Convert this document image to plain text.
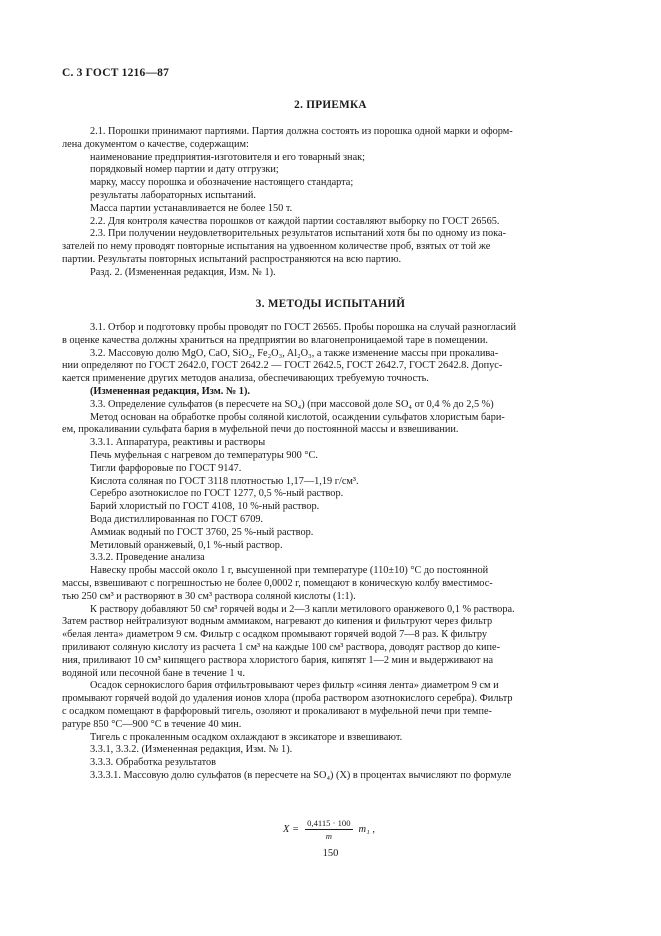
С. 3 ГОСТ 1216—87
2. ПРИЕМКА

2.1. Порошки принимают партиями. Партия должна состоять из порошка одной марки и оформ-

лена документом о качестве, содержащим:

наименование предприятия-изготовителя и его товарный знак;

порядковый номер партии и дату отгрузки;

марку, массу порошка и обозначение настоящего стандарта;

результаты лабораторных испытаний.

Масса партии устанавливается не более 150 т.

2.2. Для контроля качества порошков от каждой партии составляют выборку по ГОСТ 26565.

2.3. При получении неудовлетворительных результатов испытаний хотя бы по одному из пока-

зателей по нему проводят повторные испытания на удвоенном количестве проб, взятых от той же

партии. Результаты повторных испытаний распространяются на всю партию.

Разд. 2. (Измененная редакция, Изм. № 1).

3. МЕТОДЫ ИСПЫТАНИЙ

3.1. Отбор и подготовку пробы проводят по ГОСТ 26565. Пробы порошка на случай разногласий

в оценке качества должны храниться на предприятии во влагонепроницаемой таре в помещении.

3.2. Массовую долю MgO, CaO, SiO₂, Fe₂O₃, Al₂O₃, а также изменение массы при прокалива-

нии определяют по ГОСТ 2642.0, ГОСТ 2642.2 — ГОСТ 2642.5, ГОСТ 2642.7, ГОСТ 2642.8. Допус-

кается применение других методов анализа, обеспечивающих требуемую точность.

(Измененная редакция, Изм. № 1).

3.3. Определение сульфатов (в пересчете на SO₄) (при массовой доле SO₄ от 0,4 % до 2,5 %)

Метод основан на обработке пробы соляной кислотой, осаждении сульфатов хлористым бари-

ем, прокаливании сульфата бария в муфельной печи до постоянной массы и взвешивании.

3.3.1. Аппаратура, реактивы и растворы

Печь муфельная с нагревом до температуры 900 °С.

Тигли фарфоровые по ГОСТ 9147.

Кислота соляная по ГОСТ 3118 плотностью 1,17—1,19 г/см³.

Серебро азотнокислое по ГОСТ 1277, 0,5 %-ный раствор.

Барий хлористый по ГОСТ 4108, 10 %-ный раствор.

Вода дистиллированная по ГОСТ 6709.

Аммиак водный по ГОСТ 3760, 25 %-ный раствор.

Метиловый оранжевый, 0,1 %-ный раствор.

3.3.2. Проведение анализа

Навеску пробы массой около 1 г, высушенной при температуре (110±10) °С до постоянной

массы, взвешивают с погрешностью не более 0,0002 г, помещают в коническую колбу вместимос-

тью 250 см³ и растворяют в 30 см³ раствора соляной кислоты (1:1).

К раствору добавляют 50 см³ горячей воды и 2—3 капли метилового оранжевого 0,1 % раствора.

Затем раствор нейтрализуют водным аммиаком, нагревают до кипения и фильтруют через фильтр

«белая лента» диаметром 9 см. Фильтр с осадком промывают горячей водой 7—8 раз. К фильтру

приливают соляную кислоту из расчета 1 см³ на каждые 100 см³ раствора, доводят раствор до кипе-

ния, приливают 10 см³ кипящего раствора хлористого бария, кипятят 1—2 мин и выдерживают на

водяной или песочной бане в течение 1 ч.

Осадок сернокислого бария отфильтровывают через фильтр «синяя лента» диаметром 9 см и

промывают горячей водой до удаления ионов хлора (проба раствором азотнокислого серебра). Фильтр

с осадком помещают в фарфоровый тигель, озоляют и прокаливают в муфельной печи при темпе-

ратуре 850 °С—900 °С в течение 40 мин.

Тигель с прокаленным осадком охлаждают в эксикаторе и взвешивают.

3.3.1, 3.3.2. (Измененная редакция, Изм. № 1).

3.3.3. Обработка результатов

3.3.3.1. Массовую долю сульфатов (в пересчете на SO₄) (X) в процентах вычисляют по формуле

$X = \frac{0,4115 \cdot 100}{m} m_1$ ,
150
